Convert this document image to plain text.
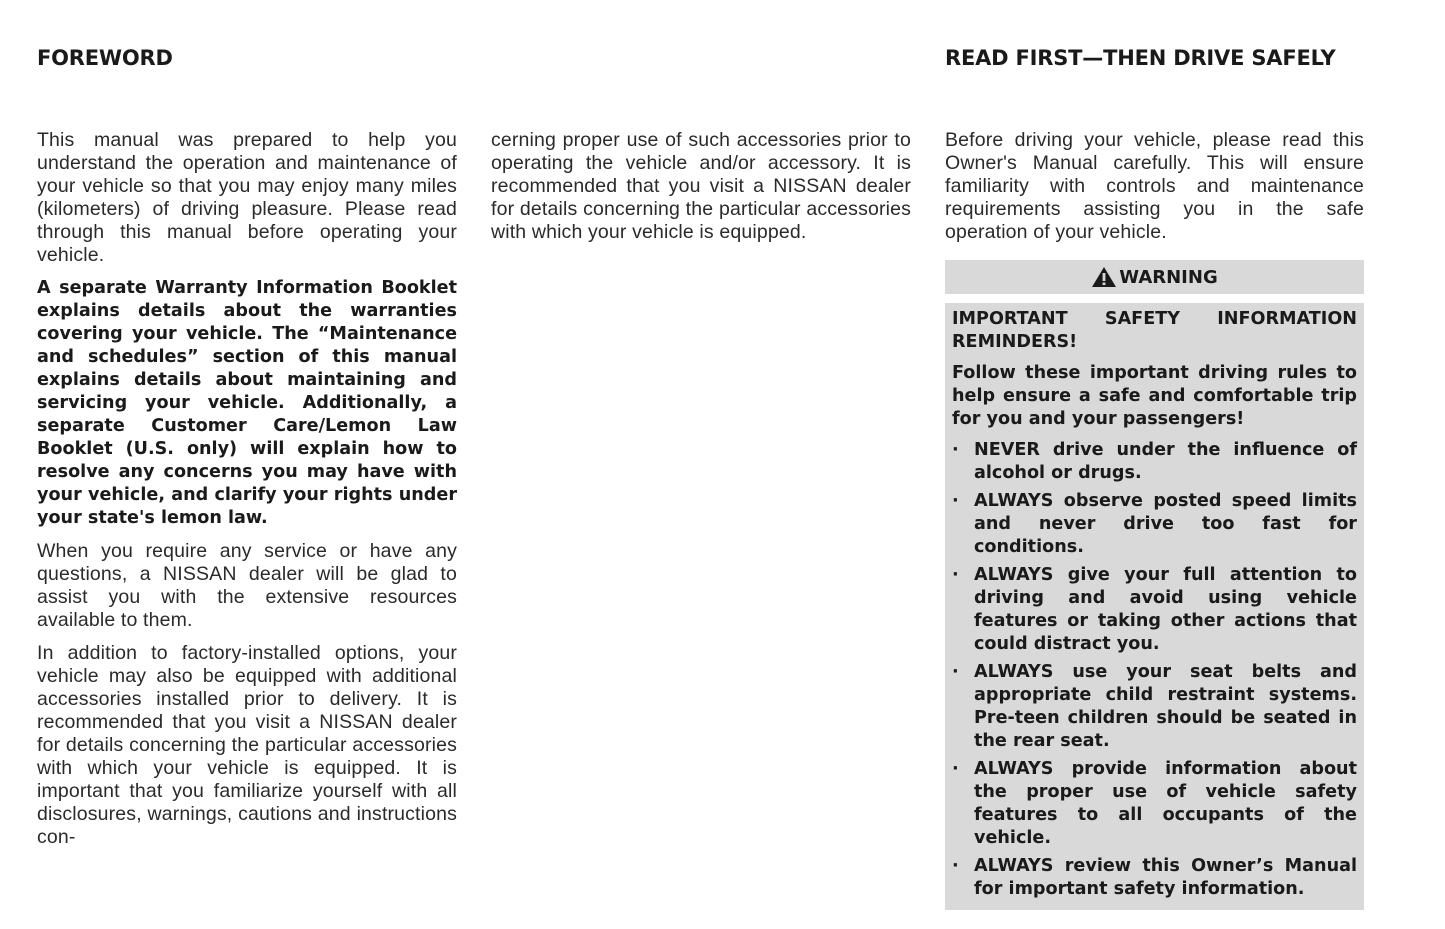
FOREWORD	READ FIRST—THEN DRIVE SAFELY

This manual was prepared to help you understand the operation and maintenance of your vehicle so that you may enjoy many miles (kilometers) of driving pleasure. Please read through this manual before operating your vehicle.

A separate Warranty Information Booklet explains details about the warranties covering your vehicle. The “Maintenance and schedules” section of this manual explains details about maintaining and servicing your vehicle. Additionally, a separate Customer Care/Lemon Law Booklet (U.S. only) will explain how to resolve any concerns you may have with your vehicle, and clarify your rights under your state's lemon law.

When you require any service or have any questions, a NISSAN dealer will be glad to assist you with the extensive resources available to them.

In addition to factory-installed options, your vehicle may also be equipped with additional accessories installed prior to delivery. It is recommended that you visit a NISSAN dealer for details concerning the particular accessories with which your vehicle is equipped. It is important that you familiarize yourself with all disclosures, warnings, cautions and instructions con-

cerning proper use of such accessories prior to operating the vehicle and/or accessory. It is recommended that you visit a NISSAN dealer for details concerning the particular accessories with which your vehicle is equipped.

Before driving your vehicle, please read this Owner's Manual carefully. This will ensure familiarity with controls and maintenance requirements assisting you in the safe operation of your vehicle.

WARNING

IMPORTANT SAFETY INFORMATION REMINDERS!

Follow these important driving rules to help ensure a safe and comfortable trip for you and your passengers!

· NEVER drive under the influence of alcohol or drugs.
· ALWAYS observe posted speed limits and never drive too fast for conditions.
· ALWAYS give your full attention to driving and avoid using vehicle features or taking other actions that could distract you.
· ALWAYS use your seat belts and appropriate child restraint systems. Pre-teen children should be seated in the rear seat.
· ALWAYS provide information about the proper use of vehicle safety features to all occupants of the vehicle.
· ALWAYS review this Owner’s Manual for important safety information.
